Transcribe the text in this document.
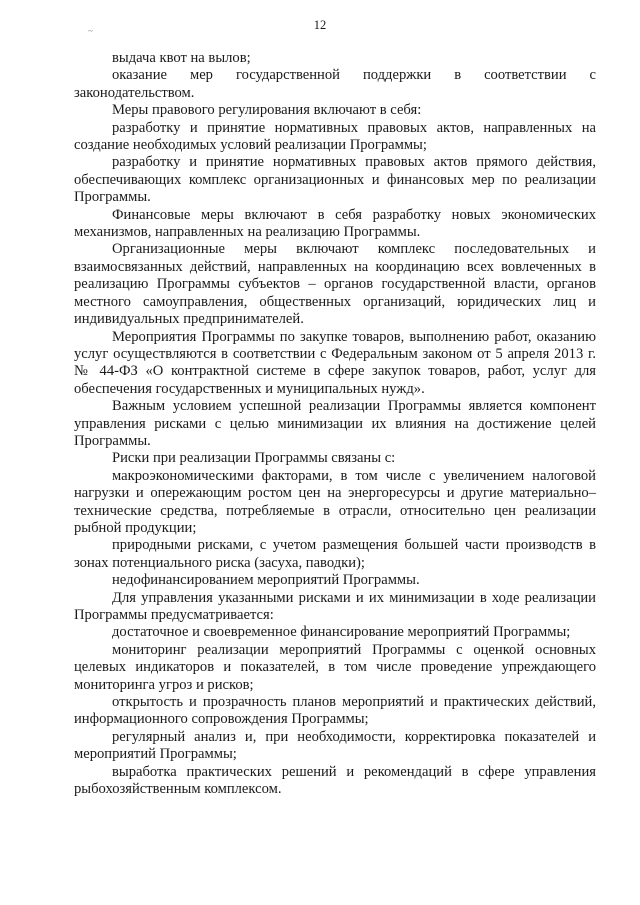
12
~

выдача квот на вылов;

оказание мер государственной поддержки в соответствии с законодательством.

Меры правового регулирования включают в себя:

разработку и принятие нормативных правовых актов, направленных на создание необходимых условий реализации Программы;

разработку и принятие нормативных правовых актов прямого действия, обеспечивающих комплекс организационных и финансовых мер по реализации Программы.

Финансовые меры включают в себя разработку новых экономических механизмов, направленных на реализацию Программы.

Организационные меры включают комплекс последовательных и взаимосвязанных действий, направленных на координацию всех вовлеченных в реализацию Программы субъектов – органов государственной власти, органов местного самоуправления, общественных организаций, юридических лиц и индивидуальных предпринимателей.

Мероприятия Программы по закупке товаров, выполнению работ, оказанию услуг осуществляются в соответствии с Федеральным законом от 5 апреля 2013 г. № 44-ФЗ «О контрактной системе в сфере закупок товаров, работ, услуг для обеспечения государственных и муниципальных нужд».

Важным условием успешной реализации Программы является компонент управления рисками с целью минимизации их влияния на достижение целей Программы.

Риски при реализации Программы связаны с:

макроэкономическими факторами, в том числе с увеличением налоговой нагрузки и опережающим ростом цен на энергоресурсы и другие материально–технические средства, потребляемые в отрасли, относительно цен реализации рыбной продукции;

природными рисками, с учетом размещения большей части производств в зонах потенциального риска (засуха, паводки);

недофинансированием мероприятий Программы.

Для управления указанными рисками и их минимизации в ходе реализации Программы предусматривается:

достаточное и своевременное финансирование мероприятий Программы;

мониторинг реализации мероприятий Программы с оценкой основных целевых индикаторов и показателей, в том числе проведение упреждающего мониторинга угроз и рисков;

открытость и прозрачность планов мероприятий и практических действий, информационного сопровождения Программы;

регулярный анализ и, при необходимости, корректировка показателей и мероприятий Программы;

выработка практических решений и рекомендаций в сфере управления рыбохозяйственным комплексом.
